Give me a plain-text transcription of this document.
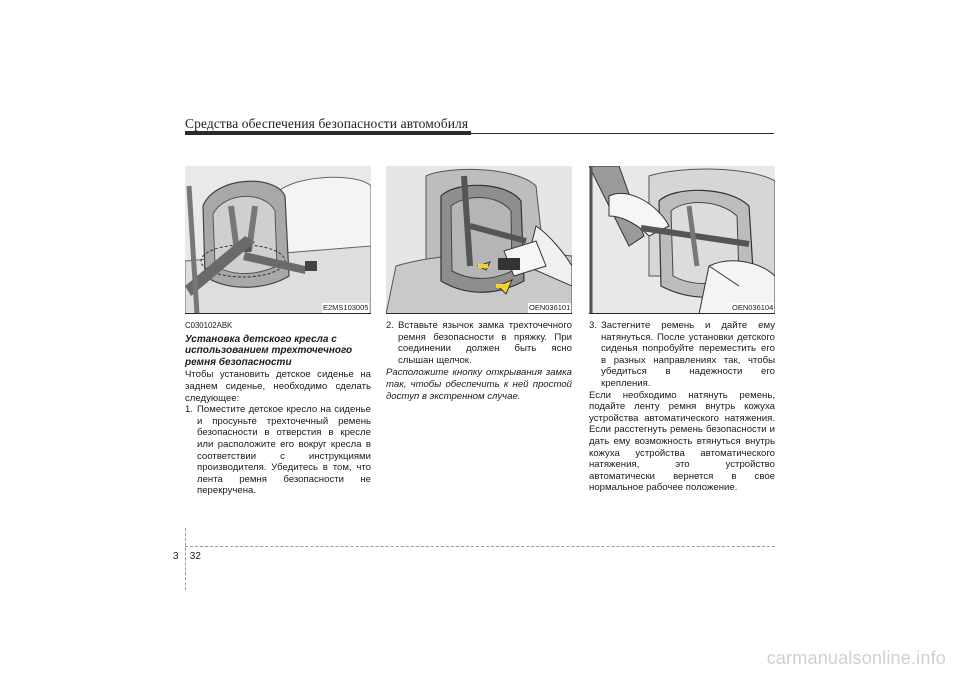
Средства обеспечения безопасности автомобиля
E2MS103005	OEN036101	OEN036104
C030102ABK
Установка детского кресла с использованием трехточечного ремня безопасности
Чтобы установить детское сиденье на заднем сиденье, необходимо сделать следующее:
1. Поместите детское кресло на сиденье и просуньте трехточечный ремень безопасности в отверстия в кресле или расположите его вокруг кресла в соответствии с инструкциями производителя. Убедитесь в том, что лента ремня безопасности не перекручена.
2. Вставьте язычок замка трехточечного ремня безопасности в пряжку. При соединении должен быть ясно слышан щелчок.
Расположите кнопку открывания замка так, чтобы обеспечить к ней простой доступ в экстренном случае.
3. Застегните ремень и дайте ему натянуться. После установки детского сиденья попробуйте переместить его в разных направлениях так, чтобы убедиться в надежности его крепления.
Если необходимо натянуть ремень, подайте ленту ремня внутрь кожуха устройства автоматического натяжения. Если расстегнуть ремень безопасности и дать ему возможность втянуться внутрь кожуха устройства автоматического натяжения, это устройство автоматически вернется в свое нормальное рабочее положение.
3 32
carmanualsonline.info
